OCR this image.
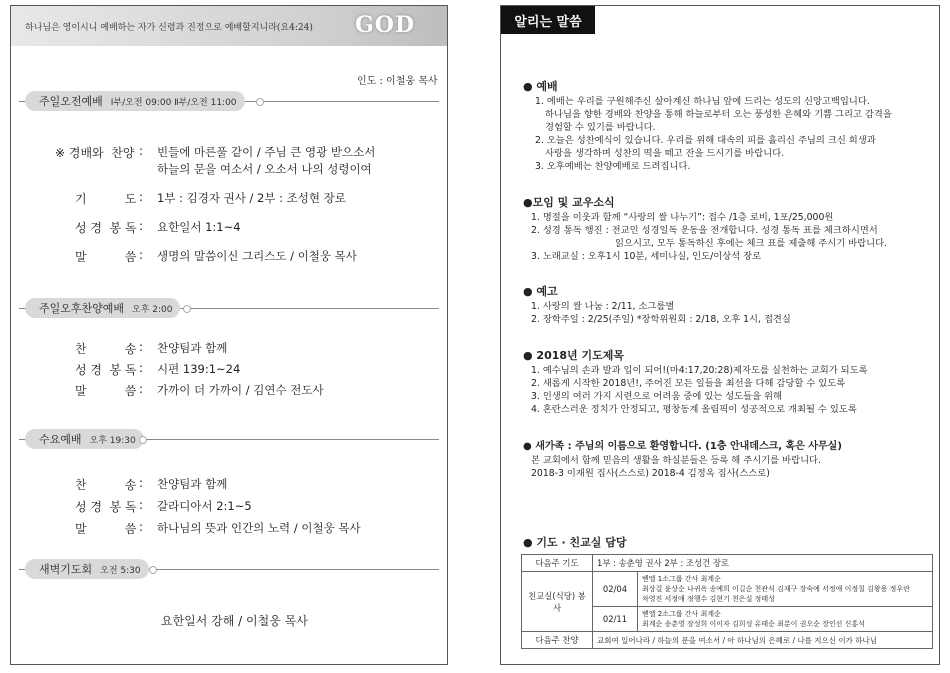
하나님은 영이시니 예배하는 자가 신령과 진정으로 예배할지니라(요4:24) GOD
인도 : 이철웅 목사
주일오전예배 Ⅰ부/오전 09:00 Ⅱ부/오전 11:00
※ 경배와  찬양 : 빈들에 마른풀 같이 / 주님 큰 영광 받으소서
하늘의 문을 여소서 / 오소서 나의 성령이여
기          도 : 1부 : 김경자 권사 / 2부 : 조성현 장로
성 경  봉 독 : 요한일서 1:1~4
말          씀 : 생명의 말씀이신 그리스도 / 이철웅 목사
주일오후찬양예배 오후 2:00
찬          송 : 찬양팀과 함께
성 경  봉 독 : 시편 139:1~24
말          씀 : 가까이 더 가까이 / 김연수 전도사
수요예배 오후 19:30
찬          송 : 찬양팀과 함께
성 경  봉 독 : 갈라디아서 2:1~5
말          씀 : 하나님의 뜻과 인간의 노력 / 이철웅 목사
새벽기도회 오전 5:30
요한일서 강해 / 이철웅 목사
알리는 말씀
● 예배
1. 예배는 우리를 구원해주신 살아계신 하나님 앞에 드리는 성도의 신앙고백입니다.
하나님을 향한 경배와 찬양을 통해 하늘로부터 오는 풍성한 은혜와 기쁨 그리고 감격을
경험할 수 있기를 바랍니다.
2. 오늘은 성찬예식이 있습니다. 우리를 위해 대속의 피를 흘리신 주님의 크신 희생과
사랑을 생각하며 성찬의 떡을 떼고 잔을 드시기를 바랍니다.
3. 오후예배는 찬양예배로 드려집니다.
●모임 및 교우소식
1. 명절을 이웃과 함께 “사랑의 쌀 나누기”: 접수 /1층 로비, 1포/25,000원
2. 성경 통독 행진 : 전교인 성경일독 운동을 전개합니다. 성경 통독 표를 체크하시면서
읽으시고, 모두 통독하신 후에는 체크 표를 제출해 주시기 바랍니다.
3. 노래교실 : 오후1시 10분, 세미나실, 인도/이상석 장로
● 예고
1. 사랑의 쌀 나눔 : 2/11, 소그룹별
2. 장학주일 : 2/25(주일) *장학위원회 : 2/18, 오후 1시, 접견실
● 2018년 기도제목
1. 예수님의 손과 발과 입이 되어!(마4:17,20:28)제자도를 실천하는 교회가 되도록
2. 새롭게 시작한 2018년!, 주어진 모든 일들을 최선을 다해 감당할 수 있도록
3. 인생의 여러 가지 시련으로 어려움 중에 있는 성도들을 위해
4. 혼란스러운 정치가 안정되고, 평창동계 올림픽이 성공적으로 개최될 수 있도록
● 새가족 : 주님의 이름으로 환영합니다. (1층 안내데스크, 혹은 사무실)
본 교회에서 함께 믿음의 생활을 하실분들은 등록 해 주시기를 바랍니다.
2018-3 이재원 집사(스스로) 2018-4 김정옥 집사(스스로)
● 기도 · 친교실 담당
다음주 기도	1부 : 송춘영 권사 2부 : 조성건 장로	
친교실(식당) 봉사	02/04	벧엘 1소그룹 간사 최계순
최상걸 윤상순 나귀옥 송예희 이길순 천관식 김재구 장숙예 서정애 이정칠 김왕용 정우란
차영진 서정애 정행수 김현기 천은실 정태성

	02/11	벧엘 2소그룹 간사 최계순
최계순 송춘영 장성희 이이자 김희성 유태순 최분이 권오순 장인선 신홍석

다음주 찬양	교회여 일어나라 / 하늘의 문을 여소서 / 아 하나님의 은혜로 / 나를 지으신 이가 하나님	
